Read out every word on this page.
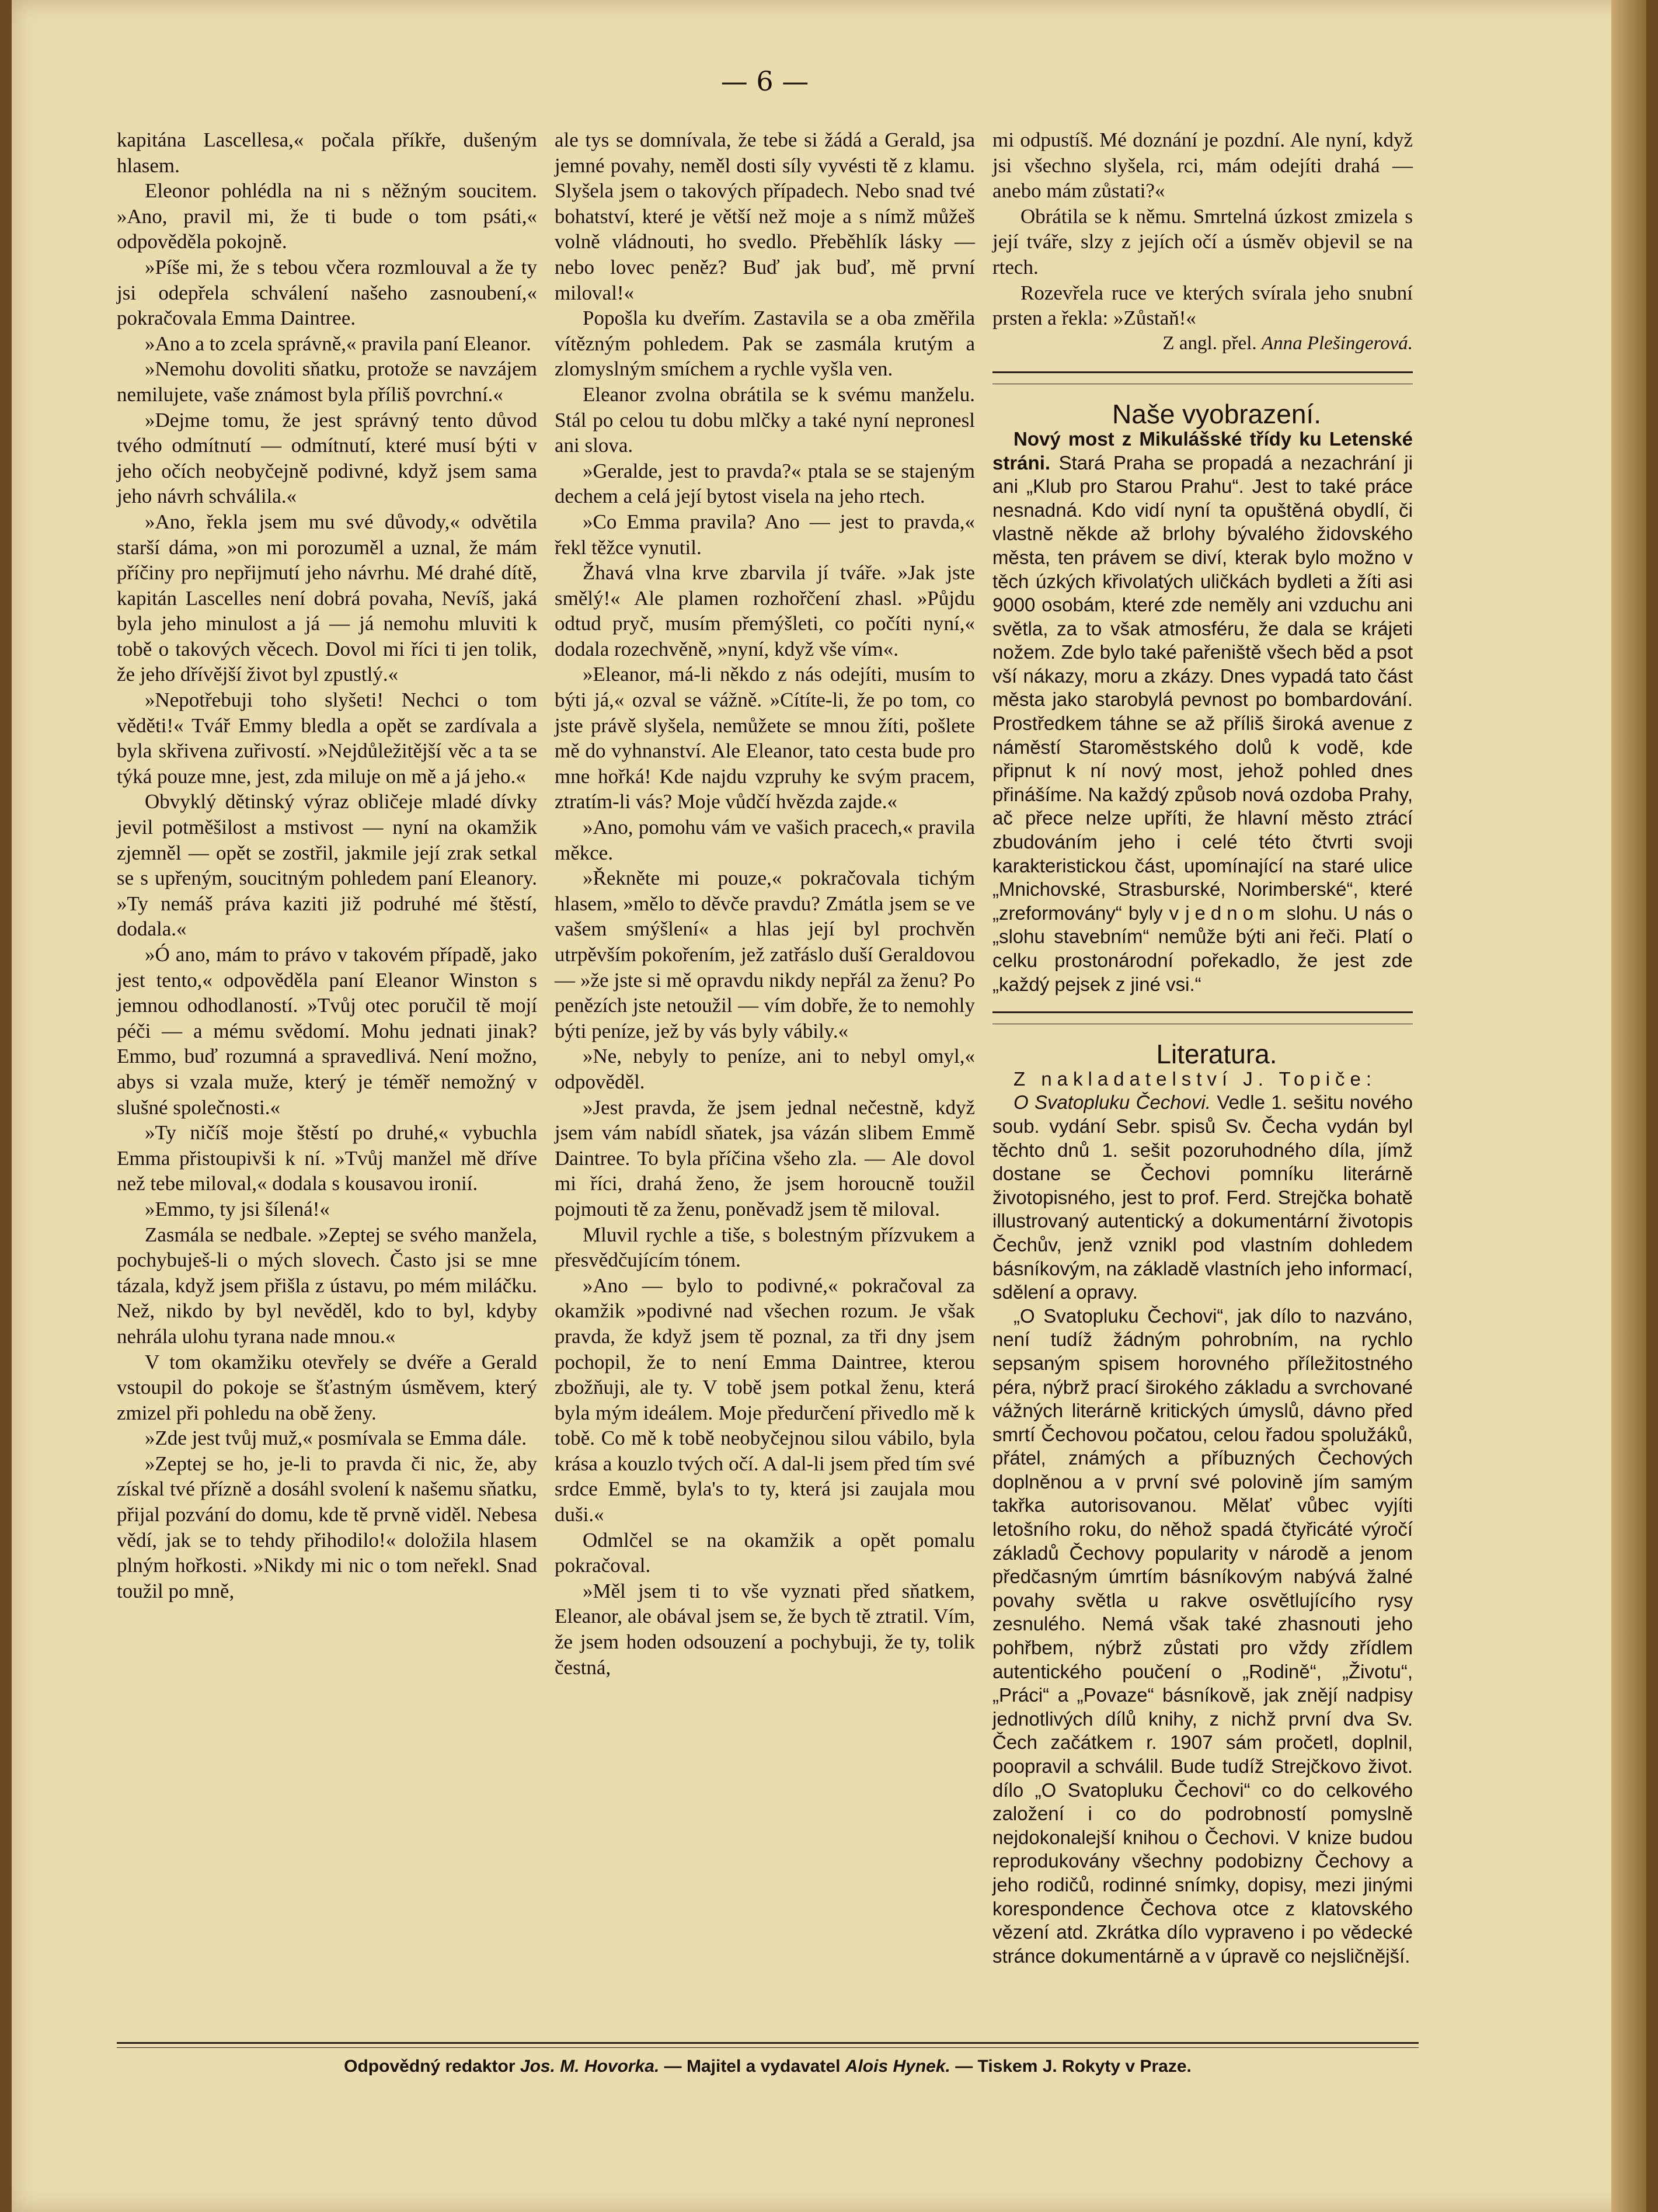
— 6 —

kapitána Lascellesa,« počala příkře, dušeným hlasem.

Eleonor pohlédla na ni s něžným soucitem. »Ano, pravil mi, že ti bude o tom psáti,« odpověděla pokojně.

»Píše mi, že s tebou včera rozmlouval a že ty jsi odepřela schválení našeho zasnoubení,« pokračovala Emma Daintree.

»Ano a to zcela správně,« pravila paní Eleanor.

»Nemohu dovoliti sňatku, protože se navzájem nemilujete, vaše známost byla příliš povrchní.«

»Dejme tomu, že jest správný tento důvod tvého odmítnutí — odmítnutí, které musí býti v jeho očích neobyčejně podivné, když jsem sama jeho návrh schválila.«

»Ano, řekla jsem mu své důvody,« odvětila starší dáma, »on mi porozuměl a uznal, že mám příčiny pro nepřijmutí jeho návrhu. Mé drahé dítě, kapitán Lascelles není dobrá povaha, Nevíš, jaká byla jeho minulost a já — já nemohu mluviti k tobě o takových věcech. Dovol mi říci ti jen tolik, že jeho dřívější život byl zpustlý.«

»Nepotřebuji toho slyšeti! Nechci o tom věděti!« Tvář Emmy bledla a opět se zardívala a byla skřivena zuřivostí. »Nejdůležitější věc a ta se týká pouze mne, jest, zda miluje on mě a já jeho.«

Obvyklý dětinský výraz obličeje mladé dívky jevil potměšilost a mstivost — nyní na okamžik zjemněl — opět se zostřil, jakmile její zrak setkal se s upřeným, soucitným pohledem paní Eleanory. »Ty nemáš práva kaziti již podruhé mé štěstí, dodala.«

»Ó ano, mám to právo v takovém případě, jako jest tento,« odpověděla paní Eleanor Winston s jemnou odhodlaností. »Tvůj otec poručil tě mojí péči — a mému svědomí. Mohu jednati jinak? Emmo, buď rozumná a spravedlivá. Není možno, abys si vzala muže, který je téměř nemožný v slušné společnosti.«

»Ty ničíš moje štěstí po druhé,« vybuchla Emma přistoupivši k ní. »Tvůj manžel mě dříve než tebe miloval,« dodala s kousavou ironií.

»Emmo, ty jsi šílená!«

Zasmála se nedbale. »Zeptej se svého manžela, pochybuješ-li o mých slovech. Často jsi se mne tázala, když jsem přišla z ústavu, po mém miláčku. Než, nikdo by byl nevěděl, kdo to byl, kdyby nehrála ulohu tyrana nade mnou.«

V tom okamžiku otevřely se dvéře a Gerald vstoupil do pokoje se šťastným úsměvem, který zmizel při pohledu na obě ženy.

»Zde jest tvůj muž,« posmívala se Emma dále.

»Zeptej se ho, je-li to pravda či nic, že, aby získal tvé přízně a dosáhl svolení k našemu sňatku, přijal pozvání do domu, kde tě prvně viděl. Nebesa vědí, jak se to tehdy přihodilo!« doložila hlasem plným hořkosti. »Nikdy mi nic o tom neřekl. Snad toužil po mně,

ale tys se domnívala, že tebe si žádá a Gerald, jsa jemné povahy, neměl dosti síly vyvésti tě z klamu. Slyšela jsem o takových případech. Nebo snad tvé bohatství, které je větší než moje a s nímž můžeš volně vládnouti, ho svedlo. Přeběhlík lásky — nebo lovec peněz? Buď jak buď, mě první miloval!«

Popošla ku dveřím. Zastavila se a oba změřila vítězným pohledem. Pak se zasmála krutým a zlomyslným smíchem a rychle vyšla ven.

Eleanor zvolna obrátila se k svému manželu. Stál po celou tu dobu mlčky a také nyní nepronesl ani slova.

»Geralde, jest to pravda?« ptala se se stajeným dechem a celá její bytost visela na jeho rtech.

»Co Emma pravila? Ano — jest to pravda,« řekl těžce vynutil.

Žhavá vlna krve zbarvila jí tváře. »Jak jste smělý!« Ale plamen rozhořčení zhasl. »Půjdu odtud pryč, musím přemýšleti, co počíti nyní,« dodala rozechvěně, »nyní, když vše vím«.

»Eleanor, má-li někdo z nás odejíti, musím to býti já,« ozval se vážně. »Cítíte-li, že po tom, co jste právě slyšela, nemůžete se mnou žíti, pošlete mě do vyhnanství. Ale Eleanor, tato cesta bude pro mne hořká! Kde najdu vzpruhy ke svým pracem, ztratím-li vás? Moje vůdčí hvězda zajde.«

»Ano, pomohu vám ve vašich pracech,« pravila měkce.

»Řekněte mi pouze,« pokračovala tichým hlasem, »mělo to děvče pravdu? Zmátla jsem se ve vašem smýšlení« a hlas její byl prochvěn utrpěvším pokořením, jež zatřáslo duší Geraldovou — »že jste si mě opravdu nikdy nepřál za ženu? Po penězích jste netoužil — vím dobře, že to nemohly býti peníze, jež by vás byly vábily.«

»Ne, nebyly to peníze, ani to nebyl omyl,« odpověděl.

»Jest pravda, že jsem jednal nečestně, když jsem vám nabídl sňatek, jsa vázán slibem Emmě Daintree. To byla příčina všeho zla. — Ale dovol mi říci, drahá ženo, že jsem horoucně toužil pojmouti tě za ženu, poněvadž jsem tě miloval.

Mluvil rychle a tiše, s bolestným přízvukem a přesvědčujícím tónem.

»Ano — bylo to podivné,« pokračoval za okamžik »podivné nad všechen rozum. Je však pravda, že když jsem tě poznal, za tři dny jsem pochopil, že to není Emma Daintree, kterou zbožňuji, ale ty. V tobě jsem potkal ženu, která byla mým ideálem. Moje předurčení přivedlo mě k tobě. Co mě k tobě neobyčejnou silou vábilo, byla krása a kouzlo tvých očí. A dal-li jsem před tím své srdce Emmě, byla's to ty, která jsi zaujala mou duši.«

Odmlčel se na okamžik a opět pomalu pokračoval.

»Měl jsem ti to vše vyznati před sňatkem, Eleanor, ale obával jsem se, že bych tě ztratil. Vím, že jsem hoden odsouzení a pochybuji, že ty, tolik čestná,

mi odpustíš. Mé doznání je pozdní. Ale nyní, když jsi všechno slyšela, rci, mám odejíti drahá — anebo mám zůstati?«

Obrátila se k němu. Smrtelná úzkost zmizela s její tváře, slzy z jejích očí a úsměv objevil se na rtech.

Rozevřela ruce ve kterých svírala jeho snubní prsten a řekla: »Zůstaň!«

Z angl. přel. Anna Plešingerová.

Naše vyobrazení.

Nový most z Mikulášské třídy ku Letenské stráni. Stará Praha se propadá a nezachrání ji ani „Klub pro Starou Prahu“. Jest to také práce nesnadná. Kdo vidí nyní ta opuštěná obydlí, či vlastně někde až brlohy bývalého židovského města, ten právem se diví, kterak bylo možno v těch úzkých křivolatých uličkách bydleti a žíti asi 9000 osobám, které zde neměly ani vzduchu ani světla, za to však atmosféru, že dala se krájeti nožem. Zde bylo také pařeniště všech běd a psot vší nákazy, moru a zkázy. Dnes vypadá tato část města jako starobylá pevnost po bombardování. Prostředkem táhne se až příliš široká avenue z náměstí Staroměstského dolů k vodě, kde připnut k ní nový most, jehož pohled dnes přinášíme. Na každý způsob nová ozdoba Prahy, ač přece nelze upříti, že hlavní město ztrácí zbudováním jeho i celé této čtvrti svoji karakteristickou část, upomínající na staré ulice „Mnichovské, Strasburské, Norimberské“, které „zreformovány“ byly v jednom slohu. U nás o „slohu stavebním“ nemůže býti ani řeči. Platí o celku prostonárodní pořekadlo, že jest zde „každý pejsek z jiné vsi.“

Literatura.

Z nakladatelství J. Topiče:

O Svatopluku Čechovi. Vedle 1. sešitu nového soub. vydání Sebr. spisů Sv. Čecha vydán byl těchto dnů 1. sešit pozoruhodného díla, jímž dostane se Čechovi pomníku literárně životopisného, jest to prof. Ferd. Strejčka bohatě illustrovaný autentický a dokumentární životopis Čechův, jenž vznikl pod vlastním dohledem básníkovým, na základě vlastních jeho informací, sdělení a opravy.

„O Svatopluku Čechovi“, jak dílo to nazváno, není tudíž žádným pohrobním, na rychlo sepsaným spisem horovného příležitostného péra, nýbrž prací širokého základu a svrchované vážných literárně kritických úmyslů, dávno před smrtí Čechovou počatou, celou řadou spolužáků, přátel, známých a příbuzných Čechových doplněnou a v první své polovině jím samým takřka autorisovanou. Mělať vůbec vyjíti letošního roku, do něhož spadá čtyřicáté výročí základů Čechovy popularity v národě a jenom předčasným úmrtím básníkovým nabývá žalné povahy světla u rakve osvětlujícího rysy zesnulého. Nemá však také zhasnouti jeho pohřbem, nýbrž zůstati pro vždy zřídlem autentického poučení o „Rodině“, „Životu“, „Práci“ a „Povaze“ básníkově, jak znějí nadpisy jednotlivých dílů knihy, z nichž první dva Sv. Čech začátkem r. 1907 sám pročetl, doplnil, poopravil a schválil. Bude tudíž Strejčkovo život. dílo „O Svatopluku Čechovi“ co do celkového založení i co do podrobností pomyslně nejdokonalejší knihou o Čechovi. V knize budou reprodukovány všechny podobizny Čechovy a jeho rodičů, rodinné snímky, dopisy, mezi jinými korespondence Čechova otce z klatovského vězení atd. Zkrátka dílo vypraveno i po vědecké stránce dokumentárně a v úpravě co nejsličnější.

Odpovědný redaktor Jos. M. Hovorka. — Majitel a vydavatel Alois Hynek. — Tiskem J. Rokyty v Praze.
